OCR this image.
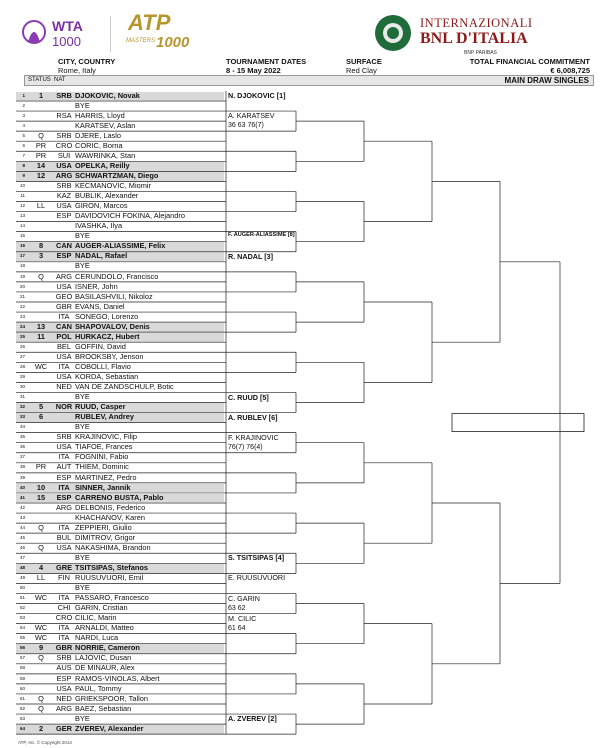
WTA
1000
ATP
MASTERS 1000
INTERNAZIONALI
BNL D'ITALIA
BNP PARIBAS
CITY, COUNTRY
Rome, Italy
TOURNAMENT DATES
8 - 15 May 2022
SURFACE
Red Clay
TOTAL FINANCIAL COMMITMENT
€ 6,008,725
STATUS NAT	MAIN DRAW SINGLES
1	1	SRB DJOKOVIC, Novak
2	BYE
3	RSA HARRIS, Lloyd
4	KARATSEV, Aslan
5	Q	SRB DJERE, Laslo
6	PR	CRO CORIC, Borna
7	PR	SUI WAWRINKA, Stan
8	14	USA OPELKA, Reilly
9	12	ARG SCHWARTZMAN, Diego
10	SRB KECMANOVIC, Miomir
11	KAZ BUBLIK, Alexander
12	LL	USA GIRON, Marcos
13	ESP DAVIDOVICH FOKINA, Alejandro
14	IVASHKA, Ilya
15	BYE
16	8	CAN AUGER-ALIASSIME, Felix
17	3	ESP NADAL, Rafael
18	BYE
19	Q	ARG CERUNDOLO, Francisco
20	USA ISNER, John
21	GEO BASILASHVILI, Nikoloz
22	GBR EVANS, Daniel
23	ITA SONEGO, Lorenzo
24	13	CAN SHAPOVALOV, Denis
25	11	POL HURKACZ, Hubert
26	BEL GOFFIN, David
27	USA BROOKSBY, Jenson
28	WC	ITA COBOLLI, Flavio
29	USA KORDA, Sebastian
30	NED VAN DE ZANDSCHULP, Botic
31	BYE
32	5	NOR RUUD, Casper
33	6	RUBLEV, Andrey
34	BYE
35	SRB KRAJINOVIC, Filip
36	USA TIAFOE, Frances
37	ITA FOGNINI, Fabio
38	PR	AUT THIEM, Dominic
39	ESP MARTINEZ, Pedro
40	10	ITA SINNER, Jannik
41	15	ESP CARRENO BUSTA, Pablo
42	ARG DELBONIS, Federico
43	KHACHANOV, Karen
44	Q	ITA ZEPPIERI, Giulio
45	BUL DIMITROV, Grigor
46	Q	USA NAKASHIMA, Brandon
47	BYE
48	4	GRE TSITSIPAS, Stefanos
49	LL	FIN RUUSUVUORI, Emil
50	BYE
51	WC	ITA PASSARO, Francesco
52	CHI GARIN, Cristian
53	CRO CILIC, Marin
54	WC	ITA ARNALDI, Matteo
55	WC	ITA NARDI, Luca
56	9	GBR NORRIE, Cameron
57	Q	SRB LAJOVIC, Dusan
58	AUS DE MINAUR, Alex
59	ESP RAMOS-VINOLAS, Albert
60	USA PAUL, Tommy
61	Q	NED GRIEKSPOOR, Tallon
62	Q	ARG BAEZ, Sebastian
63	BYE
64	2	GER ZVEREV, Alexander
N. DJOKOVIC [1]
A. KARATSEV
36 63 76(7)
F. AUGER-ALIASSIME [8]
R. NADAL [3]
C. RUUD [5]
A. RUBLEV [6]
F. KRAJINOVIC
76(7) 76(4)
S. TSITSIPAS [4]
E. RUUSUVUORI
C. GARIN
63 62
M. CILIC
61 64
A. ZVEREV [2]
ATP, Inc. © Copyright 2014
